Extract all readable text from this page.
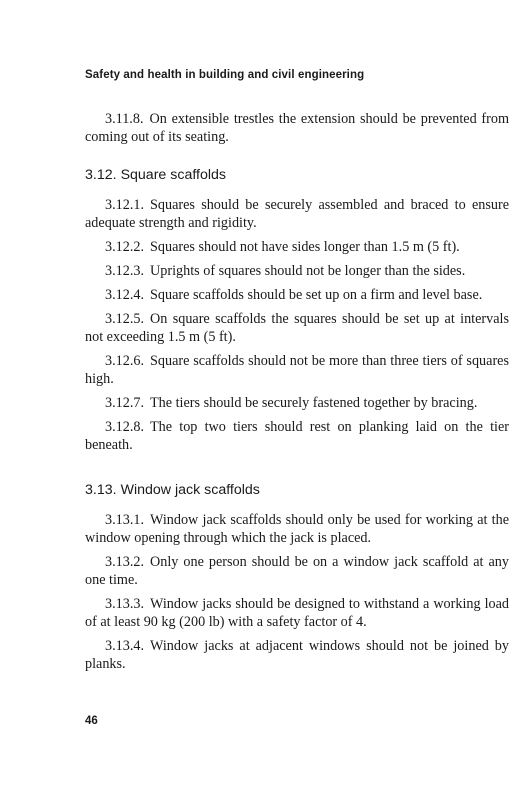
Safety and health in building and civil engineering

3.11.8. On extensible trestles the extension should be prevented from coming out of its seating.

3.12. Square scaffolds

3.12.1. Squares should be securely assembled and braced to ensure adequate strength and rigidity.

3.12.2. Squares should not have sides longer than 1.5 m (5 ft).

3.12.3. Uprights of squares should not be longer than the sides.

3.12.4. Square scaffolds should be set up on a firm and level base.

3.12.5. On square scaffolds the squares should be set up at intervals not exceeding 1.5 m (5 ft).

3.12.6. Square scaffolds should not be more than three tiers of squares high.

3.12.7. The tiers should be securely fastened together by bracing.

3.12.8. The top two tiers should rest on planking laid on the tier beneath.

3.13. Window jack scaffolds

3.13.1. Window jack scaffolds should only be used for working at the window opening through which the jack is placed.

3.13.2. Only one person should be on a window jack scaffold at any one time.

3.13.3. Window jacks should be designed to withstand a working load of at least 90 kg (200 lb) with a safety factor of 4.

3.13.4. Window jacks at adjacent windows should not be joined by planks.

46
